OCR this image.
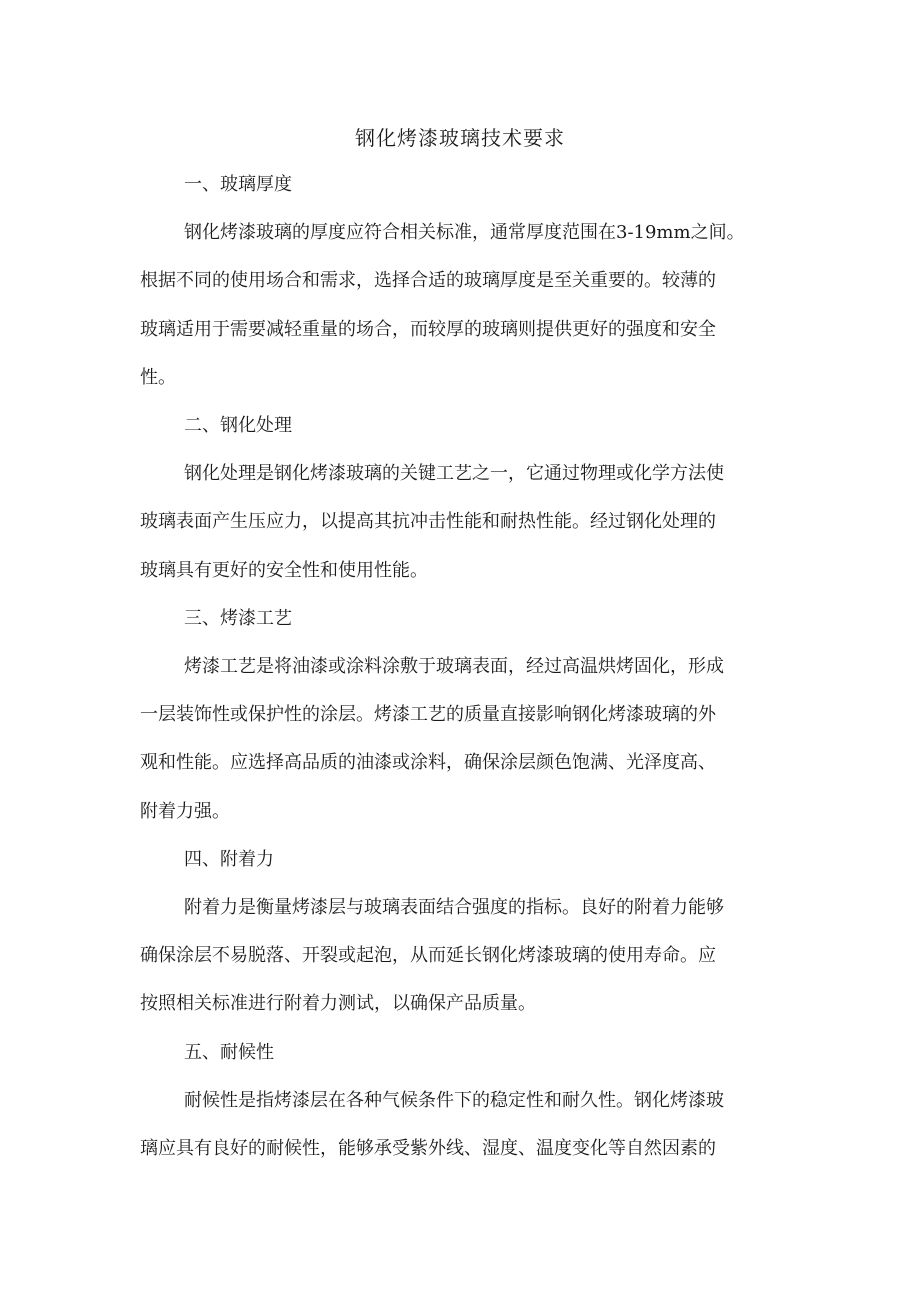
钢化烤漆玻璃技术要求

一、玻璃厚度

钢化烤漆玻璃的厚度应符合相关标准，通常厚度范围在3-19mm之间。
根据不同的使用场合和需求，选择合适的玻璃厚度是至关重要的。较薄的
玻璃适用于需要减轻重量的场合，而较厚的玻璃则提供更好的强度和安全
性。

二、钢化处理

钢化处理是钢化烤漆玻璃的关键工艺之一，它通过物理或化学方法使
玻璃表面产生压应力，以提高其抗冲击性能和耐热性能。经过钢化处理的
玻璃具有更好的安全性和使用性能。

三、烤漆工艺

烤漆工艺是将油漆或涂料涂敷于玻璃表面，经过高温烘烤固化，形成
一层装饰性或保护性的涂层。烤漆工艺的质量直接影响钢化烤漆玻璃的外
观和性能。应选择高品质的油漆或涂料，确保涂层颜色饱满、光泽度高、
附着力强。

四、附着力

附着力是衡量烤漆层与玻璃表面结合强度的指标。良好的附着力能够
确保涂层不易脱落、开裂或起泡，从而延长钢化烤漆玻璃的使用寿命。应
按照相关标准进行附着力测试，以确保产品质量。

五、耐候性

耐候性是指烤漆层在各种气候条件下的稳定性和耐久性。钢化烤漆玻
璃应具有良好的耐候性，能够承受紫外线、湿度、温度变化等自然因素的
